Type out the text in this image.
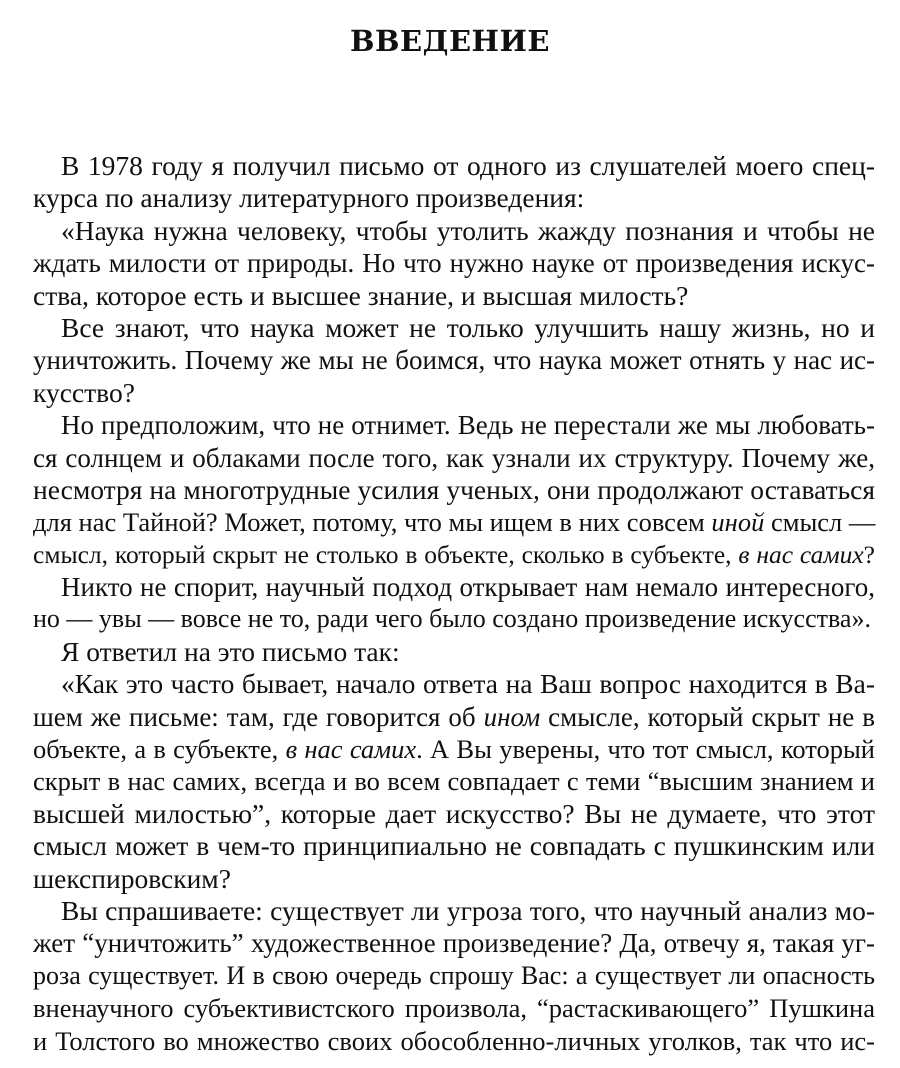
ВВЕДЕНИЕ
В 1978 году я получил письмо от одного из слушателей моего спец-
курса по анализу литературного произведения:
«Наука нужна человеку, чтобы утолить жажду познания и чтобы не
ждать милости от природы. Но что нужно науке от произведения искус-
ства, которое есть и высшее знание, и высшая милость?
Все знают, что наука может не только улучшить нашу жизнь, но и
уничтожить. Почему же мы не боимся, что наука может отнять у нас ис-
кусство?
Но предположим, что не отнимет. Ведь не перестали же мы любовать-
ся солнцем и облаками после того, как узнали их структуру. Почему же,
несмотря на многотрудные усилия ученых, они продолжают оставаться
для нас Тайной? Может, потому, что мы ищем в них совсем иной смысл —
смысл, который скрыт не столько в объекте, сколько в субъекте, в нас самих?
Никто не спорит, научный подход открывает нам немало интересного,
но — увы — вовсе не то, ради чего было создано произведение искусства».
Я ответил на это письмо так:
«Как это часто бывает, начало ответа на Ваш вопрос находится в Ва-
шем же письме: там, где говорится об ином смысле, который скрыт не в
объекте, а в субъекте, в нас самих. А Вы уверены, что тот смысл, который
скрыт в нас самих, всегда и во всем совпадает с теми “высшим знанием и
высшей милостью”, которые дает искусство? Вы не думаете, что этот
смысл может в чем-то принципиально не совпадать с пушкинским или
шекспировским?
Вы спрашиваете: существует ли угроза того, что научный анализ мо-
жет “уничтожить” художественное произведение? Да, отвечу я, такая уг-
роза существует. И в свою очередь спрошу Вас: а существует ли опасность
вненаучного субъективистского произвола, “растаскивающего” Пушкина
и Толстого во множество своих обособленно-личных уголков, так что ис-
